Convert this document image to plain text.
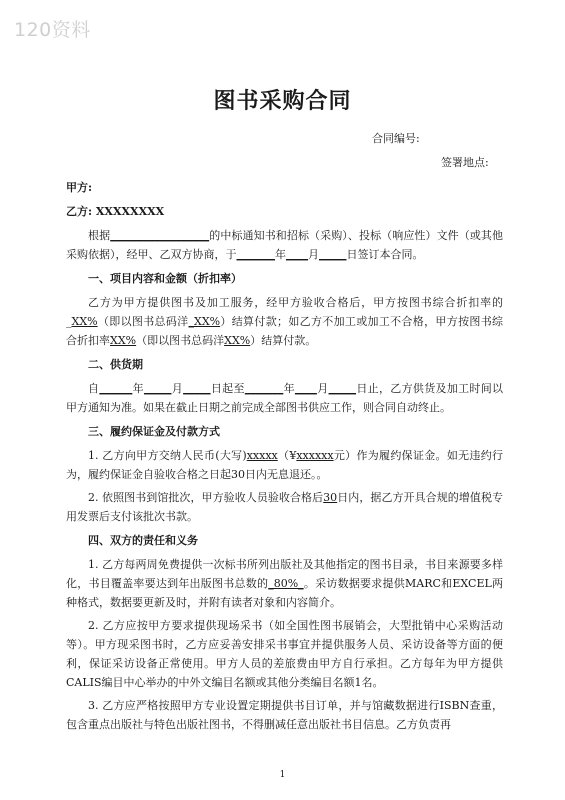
120资料
图书采购合同
合同编号:
签署地点:
甲方:
乙方: XXXXXXXX

根据__________________的中标通知书和招标（采购）、投标（响应性）文件（或其他采购依据），经甲、乙双方协商，于_______年____月_____日签订本合同。

一、项目内容和金额（折扣率）

乙方为甲方提供图书及加工服务，经甲方验收合格后，甲方按图书综合折扣率的_XX%（即以图书总码洋_XX%）结算付款；如乙方不加工或加工不合格，甲方按图书综合折扣率XX%（即以图书总码洋XX%）结算付款。

二、供货期

自______年_____月_____日起至_______年____月_____日止，乙方供货及加工时间以甲方通知为准。如果在截止日期之前完成全部图书供应工作，则合同自动终止。

三、履约保证金及付款方式

1. 乙方向甲方交纳人民币(大写)xxxxx（¥xxxxxx元）作为履约保证金。如无违约行为，履约保证金自验收合格之日起30日内无息退还。。

2. 依照图书到馆批次，甲方验收人员验收合格后30日内，据乙方开具合规的增值税专用发票后支付该批次书款。

四、双方的责任和义务

1. 乙方每两周免费提供一次标书所列出版社及其他指定的图书目录，书目来源要多样化，书目覆盖率要达到年出版图书总数的_80%_。采访数据要求提供MARC和EXCEL两种格式，数据要更新及时，并附有读者对象和内容简介。

2. 乙方应按甲方要求提供现场采书（如全国性图书展销会，大型批销中心采购活动等）。甲方现采图书时，乙方应妥善安排采书事宜并提供服务人员、采访设备等方面的便利，保证采访设备正常使用。甲方人员的差旅费由甲方自行承担。乙方每年为甲方提供CALIS编目中心举办的中外文编目名额或其他分类编目名额1名。

3. 乙方应严格按照甲方专业设置定期提供书目订单，并与馆藏数据进行ISBN查重，包含重点出版社与特色出版社图书，不得删减任意出版社书目信息。乙方负责再

1
